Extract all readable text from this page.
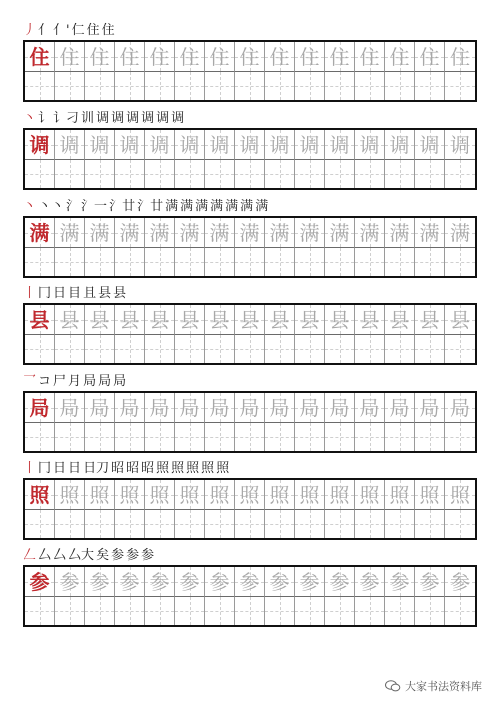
丿 亻 亻' 仁 住 住
住 住 住 住 住 住 住 住 住 住 住 住 住 住 住
丶 讠 讠刁 训 调 调 调 调 调 调
调 调 调 调 调 调 调 调 调 调 调 调 调 调 调
丶 丶丶 氵 氵一 氵廿 氵廿 满 满 满 满 满 满 满
满 满 满 满 满 满 满 满 满 满 满 满 满 满 满
丨 冂 日 目 且 县 县
县 县 县 县 县 县 县 县 县 县 县 县 县 县 县
乛 コ 尸 月 局 局 局
局 局 局 局 局 局 局 局 局 局 局 局 局 局 局
丨 冂 日 日 日刀 昭 昭 昭 照 照 照 照 照
照 照 照 照 照 照 照 照 照 照 照 照 照 照 照
𠃋 厶 厶 厶大 矣 参 参 参
参 参 参 参 参 参 参 参 参 参 参 参 参 参 参
大家书法资料库
